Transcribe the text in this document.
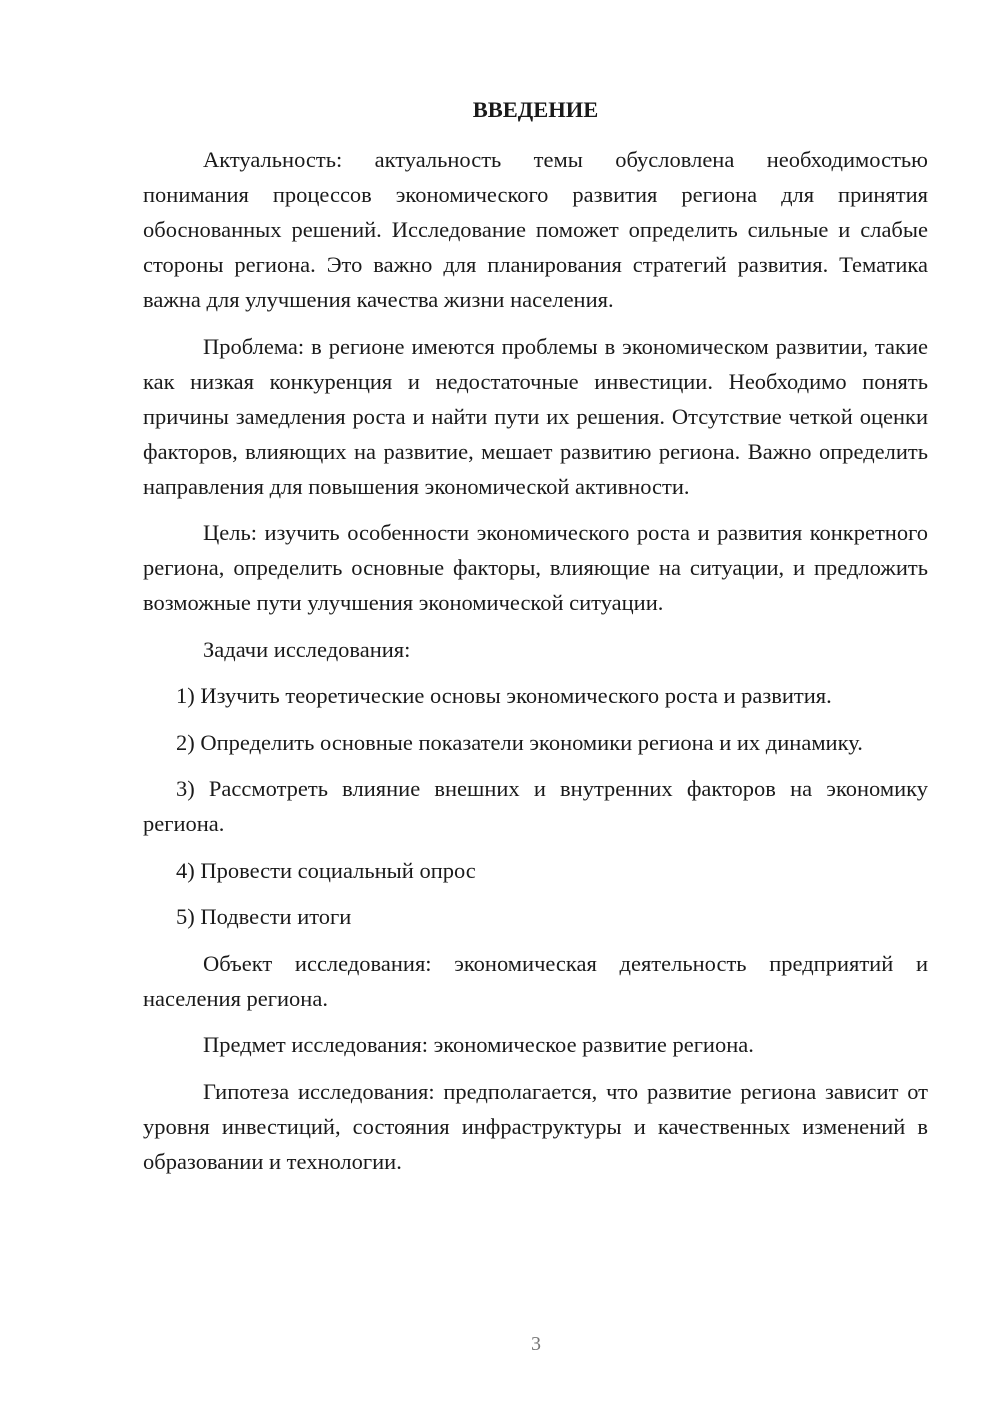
ВВЕДЕНИЕ

Актуальность: актуальность темы обусловлена необходимостью понимания процессов экономического развития региона для принятия обоснованных решений. Исследование поможет определить сильные и слабые стороны региона. Это важно для планирования стратегий развития. Тематика важна для улучшения качества жизни населения.

Проблема: в регионе имеются проблемы в экономическом развитии, такие как низкая конкуренция и недостаточные инвестиции. Необходимо понять причины замедления роста и найти пути их решения. Отсутствие четкой оценки факторов, влияющих на развитие, мешает развитию региона. Важно определить направления для повышения экономической активности.

Цель: изучить особенности экономического роста и развития конкретного региона, определить основные факторы, влияющие на ситуации, и предложить возможные пути улучшения экономической ситуации.

Задачи исследования:

1) Изучить теоретические основы экономического роста и развития.

2) Определить основные показатели экономики региона и их динамику.

3) Рассмотреть влияние внешних и внутренних факторов на экономику региона.

4) Провести социальный опрос

5) Подвести итоги

Объект исследования: экономическая деятельность предприятий и населения региона.

Предмет исследования: экономическое развитие региона.

Гипотеза исследования: предполагается, что развитие региона зависит от уровня инвестиций, состояния инфраструктуры и качественных изменений в образовании и технологии.

3
